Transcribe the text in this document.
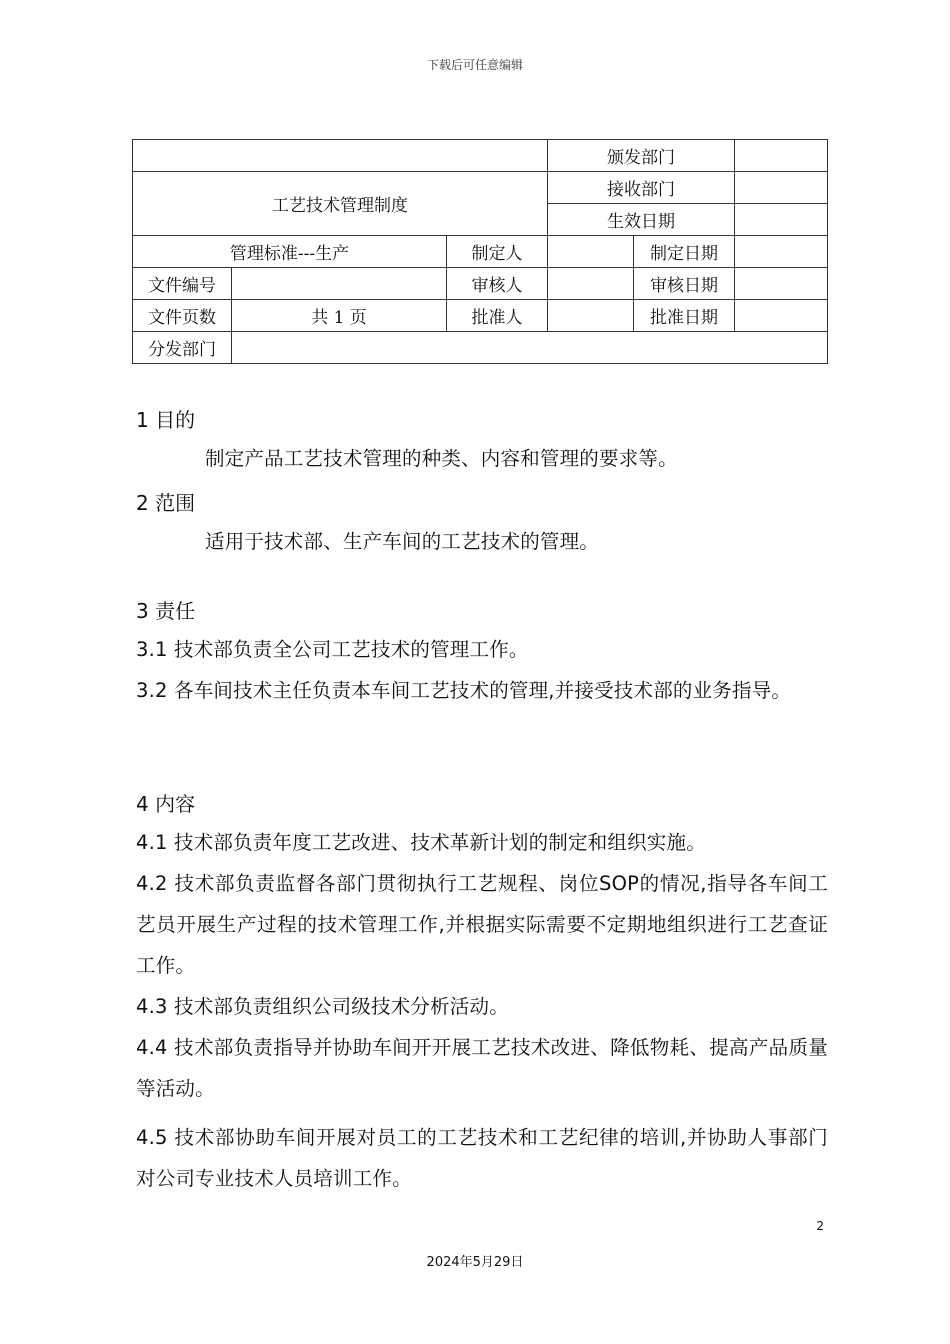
下载后可任意编辑
			颁发部门		
工艺技术管理制度			接收部门		
			生效日期		
管理标准---生产		制定人		制定日期	
文件编号		审核人		审核日期	
文件页数	共 1 页	批准人		批准日期	
分发部门					
1 目的
制定产品工艺技术管理的种类、内容和管理的要求等。
2 范围
适用于技术部、生产车间的工艺技术的管理。
3 责任
3.1 技术部负责全公司工艺技术的管理工作。
3.2 各车间技术主任负责本车间工艺技术的管理,并接受技术部的业务指导。
4 内容
4.1 技术部负责年度工艺改进、技术革新计划的制定和组织实施。
4.2 技术部负责监督各部门贯彻执行工艺规程、岗位SOP的情况,指导各车间工艺员开展生产过程的技术管理工作,并根据实际需要不定期地组织进行工艺查证工作。
4.3 技术部负责组织公司级技术分析活动。
4.4 技术部负责指导并协助车间开开展工艺技术改进、降低物耗、提高产品质量等活动。
4.5 技术部协助车间开展对员工的工艺技术和工艺纪律的培训,并协助人事部门对公司专业技术人员培训工作。
2
2024年5月29日
